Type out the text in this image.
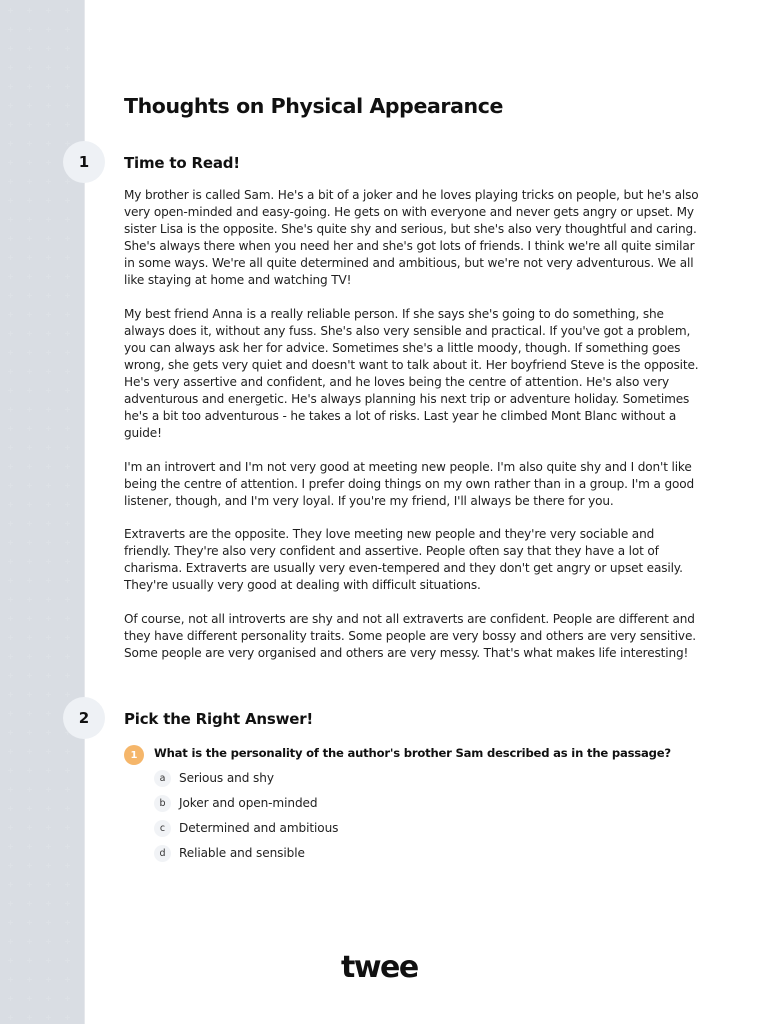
Thoughts on Physical Appearance
1	Time to Read!

My brother is called Sam. He's a bit of a joker and he loves playing tricks on people, but he's also very open-minded and easy-going. He gets on with everyone and never gets angry or upset. My sister Lisa is the opposite. She's quite shy and serious, but she's also very thoughtful and caring. She's always there when you need her and she's got lots of friends. I think we're all quite similar in some ways. We're all quite determined and ambitious, but we're not very adventurous. We all like staying at home and watching TV!

My best friend Anna is a really reliable person. If she says she's going to do something, she always does it, without any fuss. She's also very sensible and practical. If you've got a problem, you can always ask her for advice. Sometimes she's a little moody, though. If something goes wrong, she gets very quiet and doesn't want to talk about it. Her boyfriend Steve is the opposite. He's very assertive and confident, and he loves being the centre of attention. He's also very adventurous and energetic. He's always planning his next trip or adventure holiday. Sometimes he's a bit too adventurous - he takes a lot of risks. Last year he climbed Mont Blanc without a guide!

I'm an introvert and I'm not very good at meeting new people. I'm also quite shy and I don't like being the centre of attention. I prefer doing things on my own rather than in a group. I'm a good listener, though, and I'm very loyal. If you're my friend, I'll always be there for you.

Extraverts are the opposite. They love meeting new people and they're very sociable and friendly. They're also very confident and assertive. People often say that they have a lot of charisma. Extraverts are usually very even-tempered and they don't get angry or upset easily. They're usually very good at dealing with difficult situations.

Of course, not all introverts are shy and not all extraverts are confident. People are different and they have different personality traits. Some people are very bossy and others are very sensitive. Some people are very organised and others are very messy. That's what makes life interesting!

2	Pick the Right Answer!
1	What is the personality of the author's brother Sam described as in the passage?
a	Serious and shy
b	Joker and open-minded
c	Determined and ambitious
d	Reliable and sensible
twee
